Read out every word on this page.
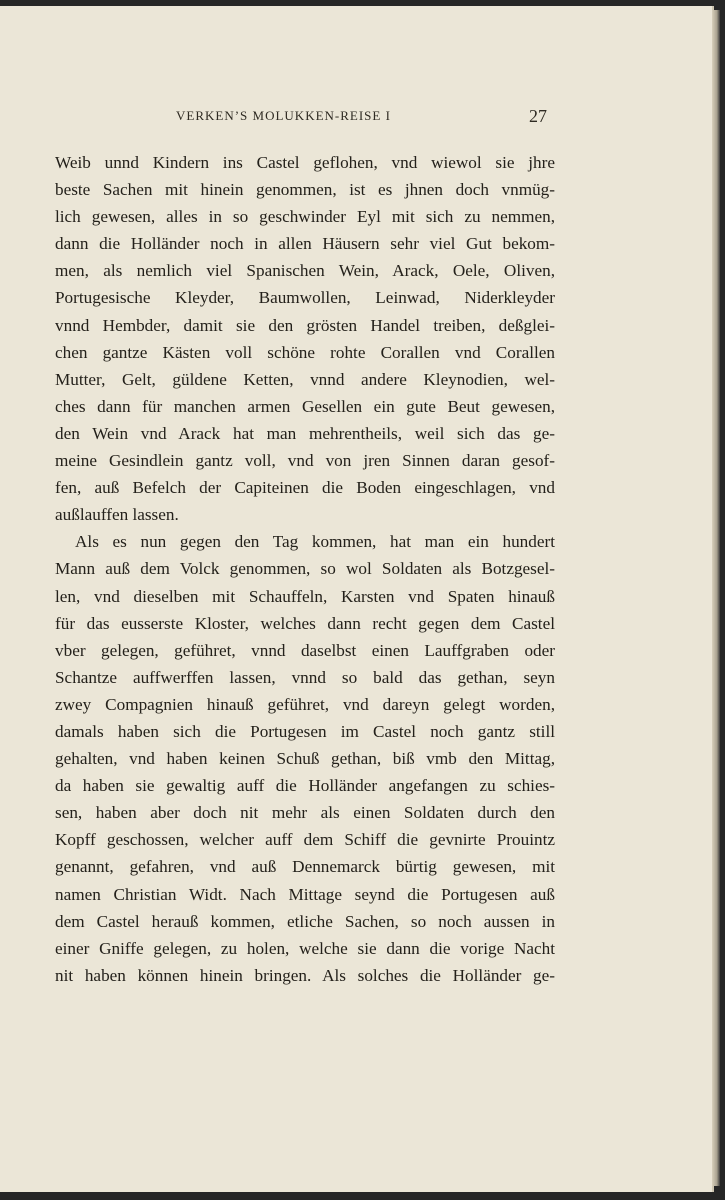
VERKEN’S MOLUKKEN-REISE I	27
Weib unnd Kindern ins Castel geflohen, vnd wiewol sie jhre
beste Sachen mit hinein genommen, ist es jhnen doch vnmüg-
lich gewesen, alles in so geschwinder Eyl mit sich zu nemmen,
dann die Holländer noch in allen Häusern sehr viel Gut bekom-
men, als nemlich viel Spanischen Wein, Arack, Oele, Oliven,
Portugesische Kleyder, Baumwollen, Leinwad, Niderkleyder
vnnd Hembder, damit sie den grösten Handel treiben, deßglei-
chen gantze Kästen voll schöne rohte Corallen vnd Corallen
Mutter, Gelt, güldene Ketten, vnnd andere Kleynodien, wel-
ches dann für manchen armen Gesellen ein gute Beut gewesen,
den Wein vnd Arack hat man mehrentheils, weil sich das ge-
meine Gesindlein gantz voll, vnd von jren Sinnen daran gesof-
fen, auß Befelch der Capiteinen die Boden eingeschlagen, vnd
außlauffen lassen.
Als es nun gegen den Tag kommen, hat man ein hundert
Mann auß dem Volck genommen, so wol Soldaten als Botzgesel-
len, vnd dieselben mit Schauffeln, Karsten vnd Spaten hinauß
für das eusserste Kloster, welches dann recht gegen dem Castel
vber gelegen, geführet, vnnd daselbst einen Lauffgraben oder
Schantze auffwerffen lassen, vnnd so bald das gethan, seyn
zwey Compagnien hinauß geführet, vnd dareyn gelegt worden,
damals haben sich die Portugesen im Castel noch gantz still
gehalten, vnd haben keinen Schuß gethan, biß vmb den Mittag,
da haben sie gewaltig auff die Holländer angefangen zu schies-
sen, haben aber doch nit mehr als einen Soldaten durch den
Kopff geschossen, welcher auff dem Schiff die gevnirte Prouintz
genannt, gefahren, vnd auß Dennemarck bürtig gewesen, mit
namen Christian Widt. Nach Mittage seynd die Portugesen auß
dem Castel herauß kommen, etliche Sachen, so noch aussen in
einer Gniffe gelegen, zu holen, welche sie dann die vorige Nacht
nit haben können hinein bringen. Als solches die Holländer ge-
